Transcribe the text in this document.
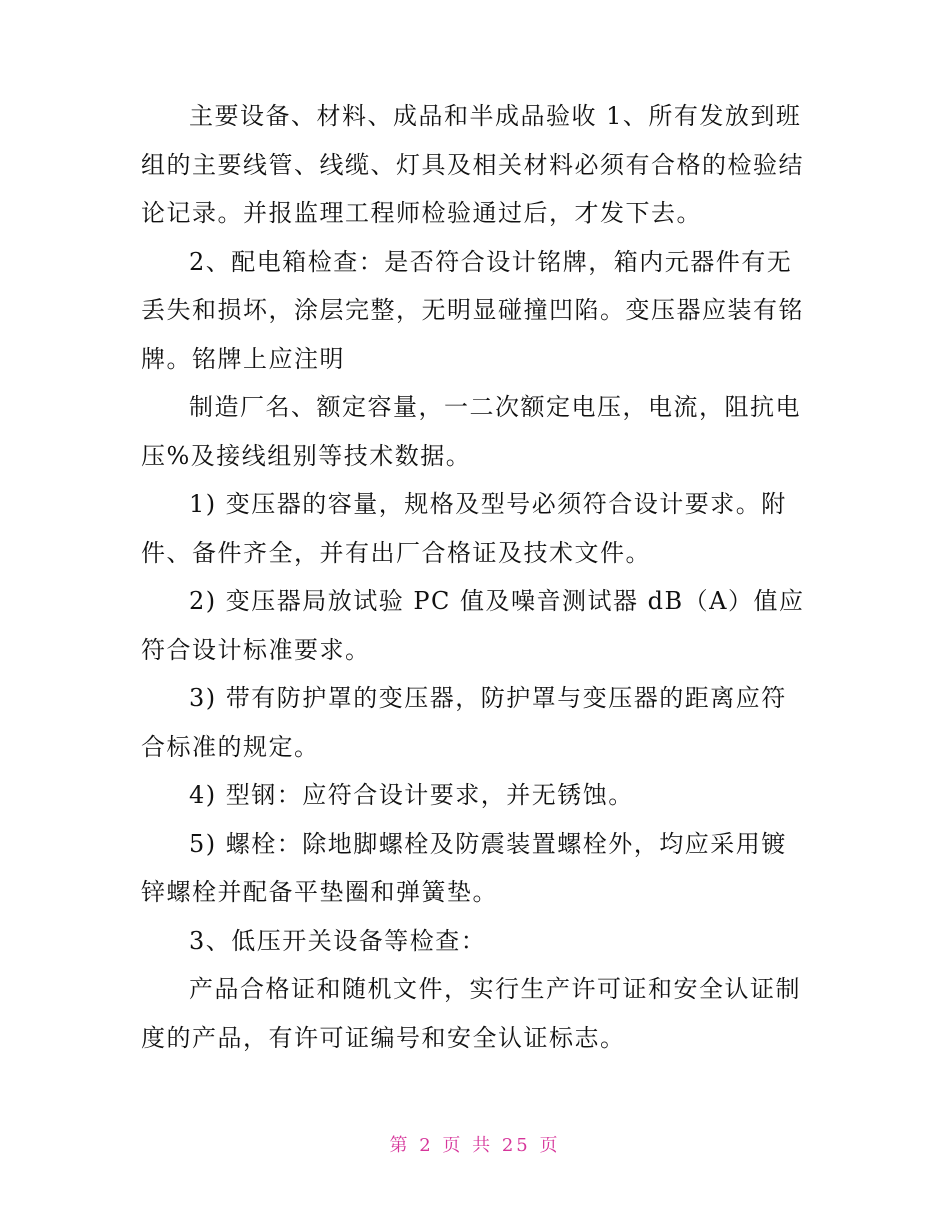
主要设备、材料、成品和半成品验收 1、所有发放到班组的主要线管、线缆、灯具及相关材料必须有合格的检验结论记录。并报监理工程师检验通过后，才发下去。

2、配电箱检查：是否符合设计铭牌，箱内元器件有无丢失和损坏，涂层完整，无明显碰撞凹陷。变压器应装有铭牌。铭牌上应注明

制造厂名、额定容量，一二次额定电压，电流，阻抗电压%及接线组别等技术数据。

1) 变压器的容量，规格及型号必须符合设计要求。附件、备件齐全，并有出厂合格证及技术文件。

2) 变压器局放试验 PC 值及噪音测试器 dB（A）值应符合设计标准要求。

3) 带有防护罩的变压器，防护罩与变压器的距离应符合标准的规定。

4) 型钢：应符合设计要求，并无锈蚀。

5) 螺栓：除地脚螺栓及防震装置螺栓外，均应采用镀锌螺栓并配备平垫圈和弹簧垫。

3、低压开关设备等检查：

产品合格证和随机文件，实行生产许可证和安全认证制度的产品，有许可证编号和安全认证标志。

第 2 页 共 25 页
